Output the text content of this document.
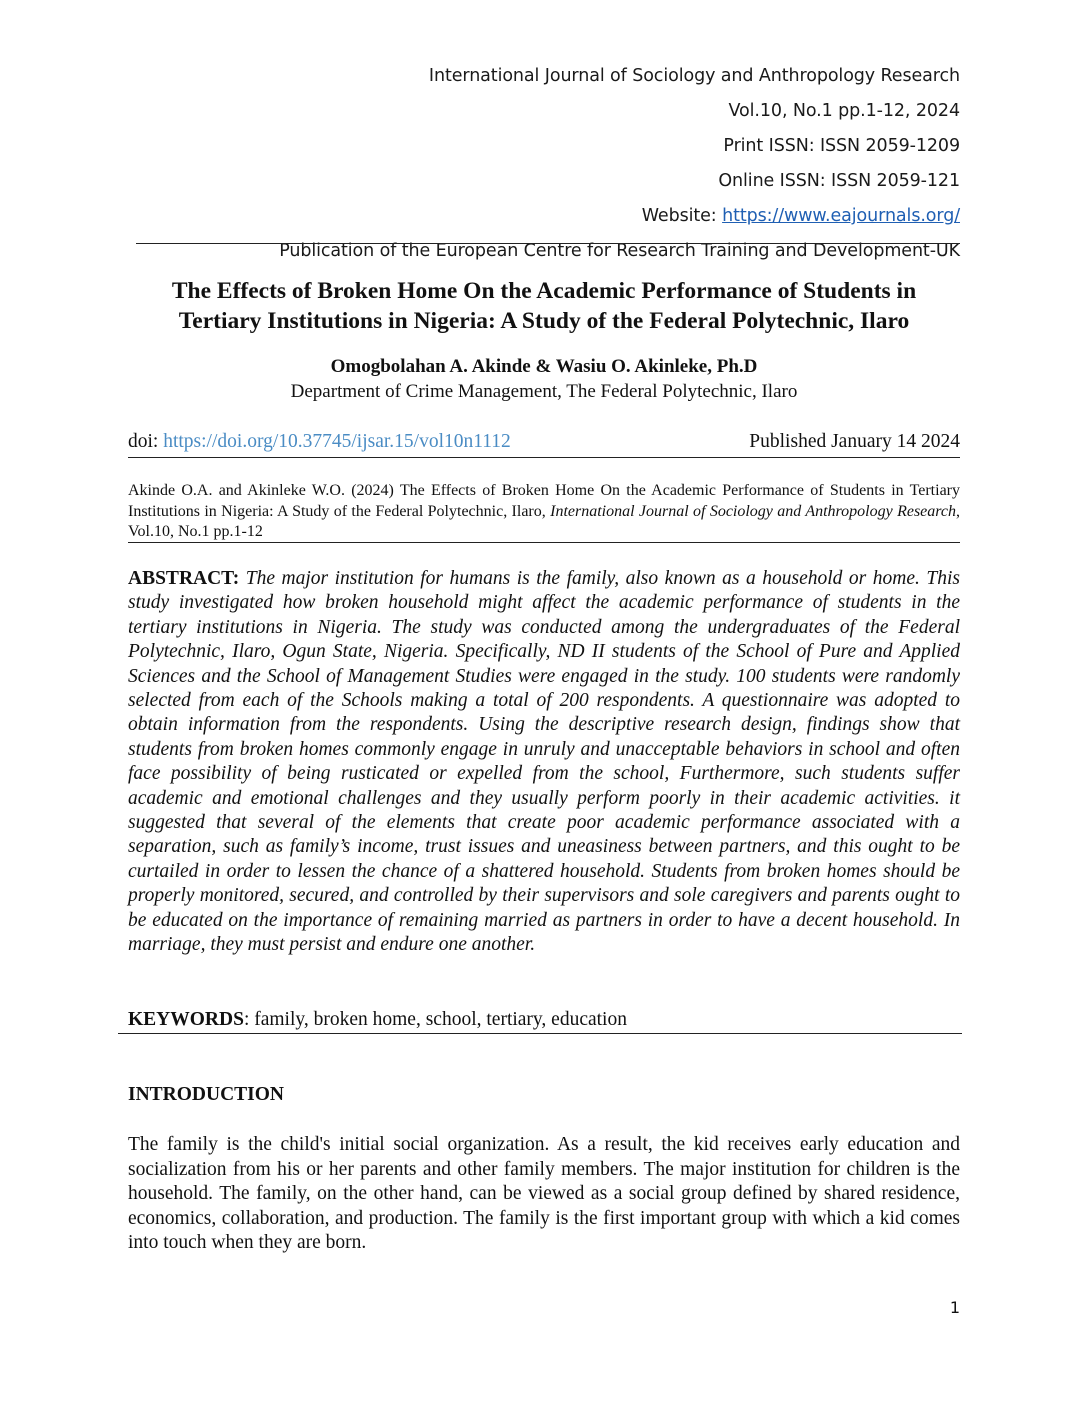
International Journal of Sociology and Anthropology Research
Vol.10, No.1 pp.1-12, 2024
Print ISSN: ISSN 2059-1209
Online ISSN: ISSN 2059-121
Website: https://www.eajournals.org/
Publication of the European Centre for Research Training and Development-UK
The Effects of Broken Home On the Academic Performance of Students in Tertiary Institutions in Nigeria: A Study of the Federal Polytechnic, Ilaro
Omogbolahan A. Akinde & Wasiu O. Akinleke, Ph.D
Department of Crime Management, The Federal Polytechnic, Ilaro
doi: https://doi.org/10.37745/ijsar.15/vol10n1112	Published January 14 2024
Akinde O.A. and Akinleke W.O. (2024) The Effects of Broken Home On the Academic Performance of Students in Tertiary Institutions in Nigeria: A Study of the Federal Polytechnic, Ilaro, International Journal of Sociology and Anthropology Research, Vol.10, No.1 pp.1-12
ABSTRACT: The major institution for humans is the family, also known as a household or home. This study investigated how broken household might affect the academic performance of students in the tertiary institutions in Nigeria. The study was conducted among the undergraduates of the Federal Polytechnic, Ilaro, Ogun State, Nigeria. Specifically, ND II students of the School of Pure and Applied Sciences and the School of Management Studies were engaged in the study. 100 students were randomly selected from each of the Schools making a total of 200 respondents. A questionnaire was adopted to obtain information from the respondents. Using the descriptive research design, findings show that students from broken homes commonly engage in unruly and unacceptable behaviors in school and often face possibility of being rusticated or expelled from the school, Furthermore, such students suffer academic and emotional challenges and they usually perform poorly in their academic activities. it suggested that several of the elements that create poor academic performance associated with a separation, such as family’s income, trust issues and uneasiness between partners, and this ought to be curtailed in order to lessen the chance of a shattered household. Students from broken homes should be properly monitored, secured, and controlled by their supervisors and sole caregivers and parents ought to be educated on the importance of remaining married as partners in order to have a decent household. In marriage, they must persist and endure one another.
KEYWORDS: family, broken home, school, tertiary, education
INTRODUCTION
The family is the child's initial social organization. As a result, the kid receives early education and socialization from his or her parents and other family members. The major institution for children is the household. The family, on the other hand, can be viewed as a social group defined by shared residence, economics, collaboration, and production. The family is the first important group with which a kid comes into touch when they are born.
1
